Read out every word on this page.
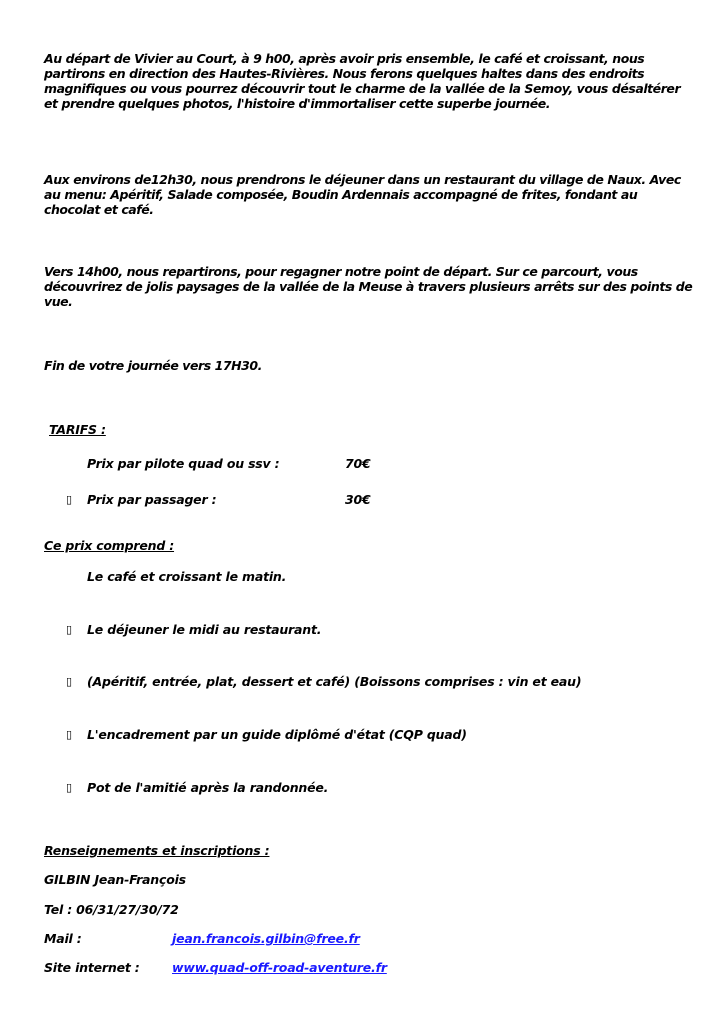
Au départ de Vivier au Court, à 9 h00, après avoir pris ensemble, le café et croissant, nous partirons en direction des Hautes-Rivières. Nous ferons quelques haltes dans des endroits magnifiques ou vous pourrez découvrir tout le charme de la vallée de la Semoy, vous désaltérer et prendre quelques photos, l'histoire d'immortaliser cette superbe journée.
Aux environs de12h30, nous prendrons le déjeuner dans un restaurant du village de Naux. Avec au menu: Apéritif, Salade composée, Boudin Ardennais accompagné de frites, fondant au chocolat et café.
Vers 14h00, nous repartirons, pour regagner notre point de départ. Sur ce parcourt, vous découvrirez de jolis paysages de la vallée de la Meuse à travers plusieurs arrêts sur des points de vue.
Fin de votre journée vers 17H30.
TARIFS :
Prix par pilote quad ou ssv :	70€
▯ Prix par passager :	30€
Ce prix comprend :
Le café et croissant le matin.
▯ Le déjeuner le midi au restaurant.
▯ (Apéritif, entrée, plat, dessert et café) (Boissons comprises : vin et eau)
▯ L'encadrement par un guide diplômé d'état (CQP quad)
▯ Pot de l'amitié après la randonnée.
Renseignements et inscriptions :
GILBIN Jean-François
Tel : 06/31/27/30/72
Mail :	jean.francois.gilbin@free.fr
Site internet :	www.quad-off-road-aventure.fr
